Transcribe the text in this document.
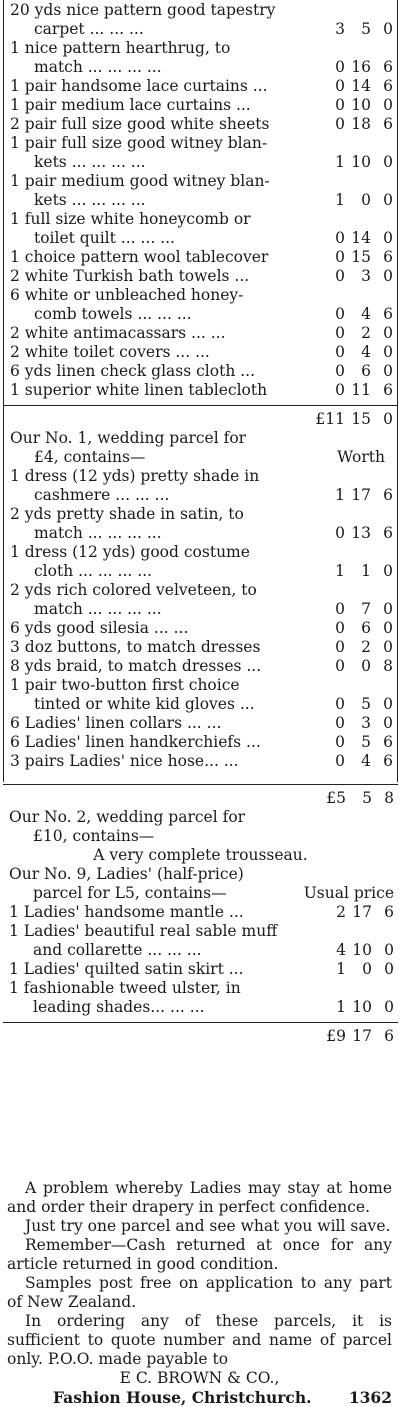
20 yds nice pattern good tapestry
carpet ... ... ...	3	5 0
1 nice pattern hearthrug, to
match ... ... ... ...	0 16 6
1 pair handsome lace curtains ...	0 14 6
1 pair medium lace curtains ...	0 10 0
2 pair full size good white sheets	0 18 6
1 pair full size good witney blan-
kets ... ... ... ...	1 10 0
1 pair medium good witney blan-
kets ... ... ... ...	1	0 0
1 full size white honeycomb or
toilet quilt ... ... ...	0 14 0
1 choice pattern wool tablecover	0 15 6
2 white Turkish bath towels ...	0	3 0
6 white or unbleached honey-
comb towels ... ... ...	0	4 6
2 white antimacassars ... ...	0	2 0
2 white toilet covers ... ...	0	4 0
6 yds linen check glass cloth ...	0	6 0
1 superior white linen tablecloth	0 11 6
£11 15 0
Our No. 1, wedding parcel for
£4, contains—	Worth
1 dress (12 yds) pretty shade in
cashmere ... ... ...	1 17 6
2 yds pretty shade in satin, to
match ... ... ... ...	0 13 6
1 dress (12 yds) good costume
cloth ... ... ... ...	1	1 0
2 yds rich colored velveteen, to
match ... ... ... ...	0	7 0
6 yds good silesia ... ...	0	6 0
3 doz buttons, to match dresses	0	2 0
8 yds braid, to match dresses ...	0	0 8
1 pair two-button first choice
tinted or white kid gloves ...	0	5 0
6 Ladies' linen collars ... ...	0	3 0
6 Ladies' linen handkerchiefs ...	0	5 6
3 pairs Ladies' nice hose... ...	0	4 6
£5	5 8
Our No. 2, wedding parcel for
£10, contains—
A very complete trousseau.
Our No. 9, Ladies' (half-price)
parcel for L5, contains—	Usual price
1 Ladies' handsome mantle ...	2 17 6
1 Ladies' beautiful real sable muff
and collarette ... ... ...	4 10 0
1 Ladies' quilted satin skirt ...	1	0 0
1 fashionable tweed ulster, in
leading shades... ... ...	1 10 0
£9 17 6
A problem whereby Ladies may stay at home and order their drapery in perfect confidence.
Just try one parcel and see what you will save.
Remember—Cash returned at once for any article returned in good condition.
Samples post free on application to any part of New Zealand.
In ordering any of these parcels, it is sufficient to quote number and name of parcel only. P.O.O. made payable to
E C. BROWN & CO.,
Fashion House, Christchurch. 1362
